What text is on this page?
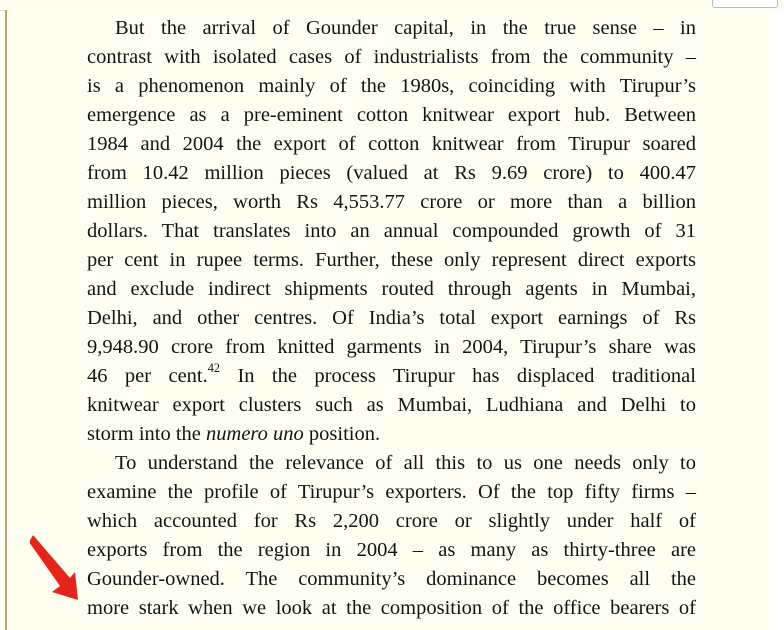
But the arrival of Gounder capital, in the true sense – in
contrast with isolated cases of industrialists from the community –
is a phenomenon mainly of the 1980s, coinciding with Tirupur’s
emergence as a pre-eminent cotton knitwear export hub. Between
1984 and 2004 the export of cotton knitwear from Tirupur soared
from 10.42 million pieces (valued at Rs 9.69 crore) to 400.47
million pieces, worth Rs 4,553.77 crore or more than a billion
dollars. That translates into an annual compounded growth of 31
per cent in rupee terms. Further, these only represent direct exports
and exclude indirect shipments routed through agents in Mumbai,
Delhi, and other centres. Of India’s total export earnings of Rs
9,948.90 crore from knitted garments in 2004, Tirupur’s share was
46 per cent.$^{42}$ In the process Tirupur has displaced traditional
knitwear export clusters such as Mumbai, Ludhiana and Delhi to
storm into the numero uno position.
To understand the relevance of all this to us one needs only to
examine the profile of Tirupur’s exporters. Of the top fifty firms –
which accounted for Rs 2,200 crore or slightly under half of
exports from the region in 2004 – as many as thirty-three are
Gounder-owned. The community’s dominance becomes all the
more stark when we look at the composition of the office bearers of
